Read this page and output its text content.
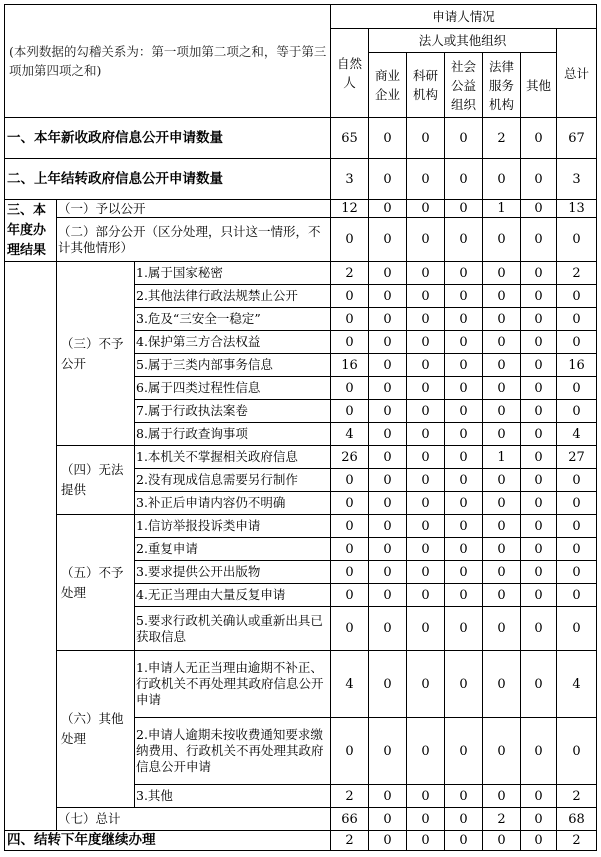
(本列数据的勾稽关系为：第一项加第二项之和，等于第三项加第四项之和)			申请人情况						
			自然人	法人或其他组织					总计
				商业企业	科研机构	社会公益组织	法律服务机构	其他	
一、本年新收政府信息公开申请数量			65	0	0	0	2	0	67
二、上年结转政府信息公开申请数量			3	0	0	0	0	0	3
三、本年度办理结果	（一）予以公开		12	0	0	0	1	0	13
	（二）部分公开（区分处理，只计这一情形，不计其他情形）		0	0	0	0	0	0	0
	（三）不予公开	1.属于国家秘密	2	0	0	0	0	0	2
		2.其他法律行政法规禁止公开	0	0	0	0	0	0	0
		3.危及“三安全一稳定”	0	0	0	0	0	0	0
		4.保护第三方合法权益	0	0	0	0	0	0	0
		5.属于三类内部事务信息	16	0	0	0	0	0	16
		6.属于四类过程性信息	0	0	0	0	0	0	0
		7.属于行政执法案卷	0	0	0	0	0	0	0
		8.属于行政查询事项	4	0	0	0	0	0	4
	（四）无法提供	1.本机关不掌握相关政府信息	26	0	0	0	1	0	27
		2.没有现成信息需要另行制作	0	0	0	0	0	0	0
		3.补正后申请内容仍不明确	0	0	0	0	0	0	0
	（五）不予处理	1.信访举报投诉类申请	0	0	0	0	0	0	0
		2.重复申请	0	0	0	0	0	0	0
		3.要求提供公开出版物	0	0	0	0	0	0	0
		4.无正当理由大量反复申请	0	0	0	0	0	0	0
		5.要求行政机关确认或重新出具已获取信息	0	0	0	0	0	0	0
	（六）其他处理	1.申请人无正当理由逾期不补正、行政机关不再处理其政府信息公开申请	4	0	0	0	0	0	4
		2.申请人逾期未按收费通知要求缴纳费用、行政机关不再处理其政府信息公开申请	0	0	0	0	0	0	0
		3.其他	2	0	0	0	0	0	2
	（七）总计		66	0	0	0	2	0	68
四、结转下年度继续办理			2	0	0	0	0	0	2
